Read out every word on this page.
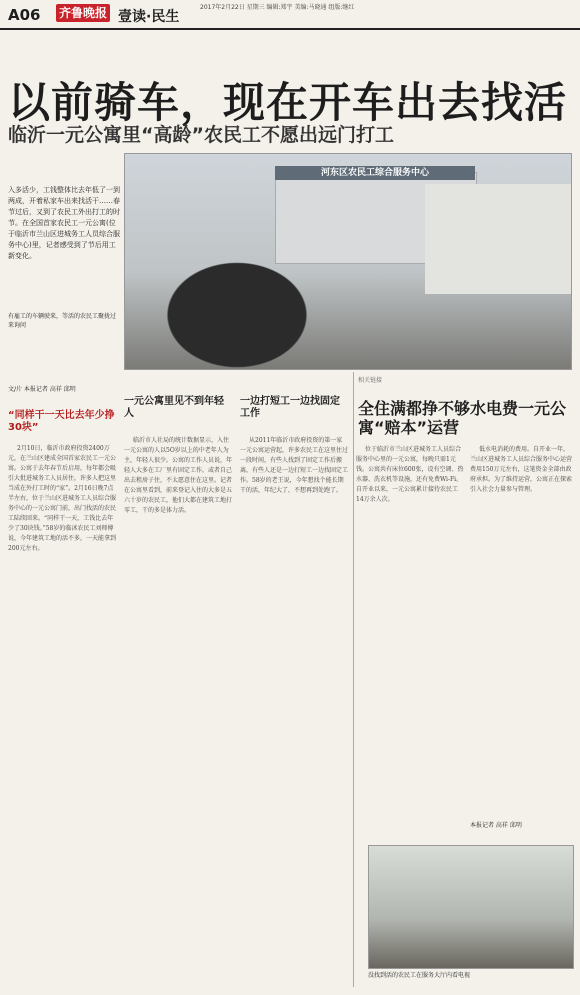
A06 齐鲁晚报 壹读·民生
2017年2月22日 星期三 编辑:郑宇 美编:马晓通 组版:继红
以前骑车，现在开车出去找活
临沂一元公寓里“高龄”农民工不愿出远门打工
入多活少，工钱整体比去年低了一到两成，开着私家车出来找活干……春节过后，又到了农民工外出打工的时节。在全国首家农民工一元公寓(位于临沂市兰山区进城务工人员综合服务中心)里，记者感受到了节后用工新变化。
河东区农民工综合服务中心
有雇工的车辆驶来，等活的农民工聚拢过来询问
文/片 本报记者 高祥 邱明
“同样干一天比去年少挣30块”
一元公寓里见不到年轻人
一边打短工一边找固定工作
2月10日，临沂市政府投资2400万元，在兰山区建成全国首家农民工一元公寓。公寓于去年春节后启用，每年都会吸引大批进城务工人员居住，许多人把这里当成在外打工时的“家”。2月16日晚7点半左右，位于兰山区进城务工人员综合服务中心的一元公寓门前，出门找活的农民工陆续回来。“同样干一天，工钱比去年少了30块钱。”58岁的临沭农民工刘师傅说，今年建筑工地的活不多，一天能拿到200元左右。
临沂市人社局的统计数据显示，入住一元公寓的人以5O岁以上的中老年人为主，年轻人很少。公寓的工作人员说，年轻人大多在工厂里有固定工作，或者自己出去租房子住，不太愿意住在这里。记者在公寓里看到，前来登记入住的大多是五六十岁的农民工，他们大都在建筑工地打零工，干的多是体力活。
从2011年临沂市政府投资的第一家一元公寓运营起，许多农民工在这里住过一段时间，有些人找到了固定工作后搬离，有些人还是一边打短工一边找固定工作。58岁的老王说，今年想找个能长期干的活，年纪大了，不想再到处跑了。
相关链接
全住满都挣不够水电费一元公寓“赔本”运营
位于临沂市兰山区进城务工人员综合服务中心里的一元公寓，每晚只需1元钱。公寓共有床位600张，设有空调、热水器、洗衣机等设施，还有免费Wi-Fi。自开业以来，一元公寓累计接待农民工14万余人次。
低水电消耗的费用。自开业一年，兰山区进城务工人员综合服务中心运营费用150万元左右，这笔资金全部由政府承担。为了维持运营，公寓正在探索引入社会力量参与管理。
本报记者 高祥 邱明
没找到活的农民工在服务大厅内看电视
